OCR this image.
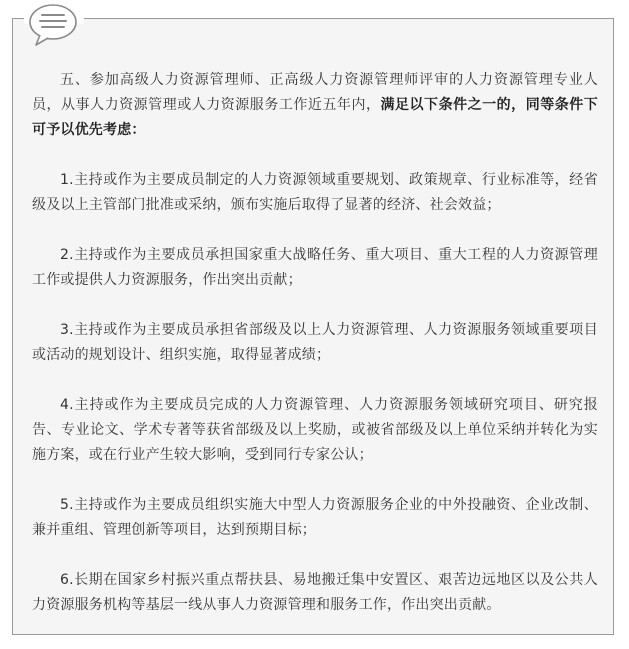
五、参加高级人力资源管理师、正高级人力资源管理师评审的人力资源管理专业人员，从事人力资源管理或人力资源服务工作近五年内，满足以下条件之一的，同等条件下可予以优先考虑：

1.主持或作为主要成员制定的人力资源领域重要规划、政策规章、行业标准等，经省级及以上主管部门批准或采纳，颁布实施后取得了显著的经济、社会效益；

2.主持或作为主要成员承担国家重大战略任务、重大项目、重大工程的人力资源管理工作或提供人力资源服务，作出突出贡献；

3.主持或作为主要成员承担省部级及以上人力资源管理、人力资源服务领域重要项目或活动的规划设计、组织实施，取得显著成绩；

4.主持或作为主要成员完成的人力资源管理、人力资源服务领域研究项目、研究报告、专业论文、学术专著等获省部级及以上奖励，或被省部级及以上单位采纳并转化为实施方案，或在行业产生较大影响，受到同行专家公认；

5.主持或作为主要成员组织实施大中型人力资源服务企业的中外投融资、企业改制、兼并重组、管理创新等项目，达到预期目标；

6.长期在国家乡村振兴重点帮扶县、易地搬迁集中安置区、艰苦边远地区以及公共人力资源服务机构等基层一线从事人力资源管理和服务工作，作出突出贡献。
